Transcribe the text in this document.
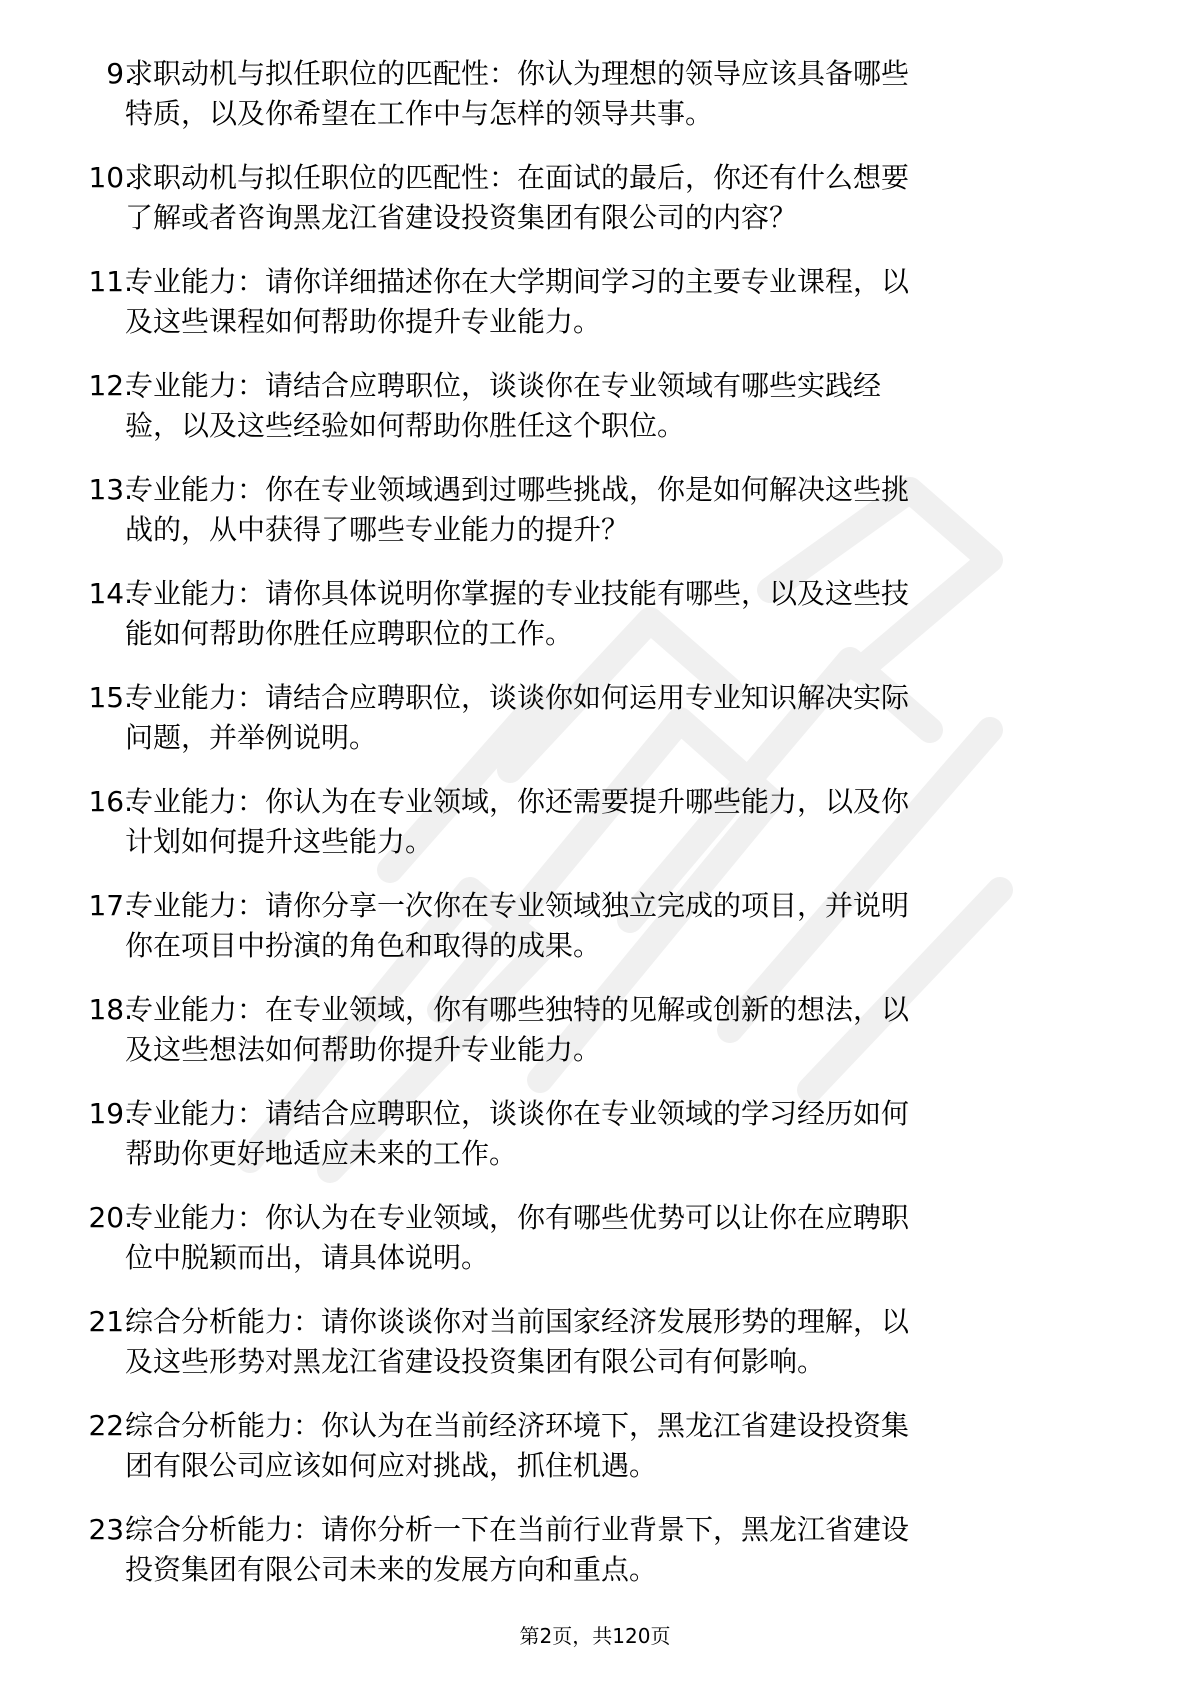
9.

求职动机与拟任职位的匹配性：你认为理想的领导应该具备哪些
特质，以及你希望在工作中与怎样的领导共事。

10.

求职动机与拟任职位的匹配性：在面试的最后，你还有什么想要
了解或者咨询黑龙江省建设投资集团有限公司的内容？

11.

专业能力：请你详细描述你在大学期间学习的主要专业课程，以
及这些课程如何帮助你提升专业能力。

12.

专业能力：请结合应聘职位，谈谈你在专业领域有哪些实践经
验，以及这些经验如何帮助你胜任这个职位。

13.

专业能力：你在专业领域遇到过哪些挑战，你是如何解决这些挑
战的，从中获得了哪些专业能力的提升？

14.

专业能力：请你具体说明你掌握的专业技能有哪些，以及这些技
能如何帮助你胜任应聘职位的工作。

15.

专业能力：请结合应聘职位，谈谈你如何运用专业知识解决实际
问题，并举例说明。

16.

专业能力：你认为在专业领域，你还需要提升哪些能力，以及你
计划如何提升这些能力。

17.

专业能力：请你分享一次你在专业领域独立完成的项目，并说明
你在项目中扮演的角色和取得的成果。

18.

专业能力：在专业领域，你有哪些独特的见解或创新的想法，以
及这些想法如何帮助你提升专业能力。

19.

专业能力：请结合应聘职位，谈谈你在专业领域的学习经历如何
帮助你更好地适应未来的工作。

20.

专业能力：你认为在专业领域，你有哪些优势可以让你在应聘职
位中脱颖而出，请具体说明。

21.

综合分析能力：请你谈谈你对当前国家经济发展形势的理解，以
及这些形势对黑龙江省建设投资集团有限公司有何影响。

22.

综合分析能力：你认为在当前经济环境下，黑龙江省建设投资集
团有限公司应该如何应对挑战，抓住机遇。

23.

综合分析能力：请你分析一下在当前行业背景下，黑龙江省建设
投资集团有限公司未来的发展方向和重点。

第2页，共120页
